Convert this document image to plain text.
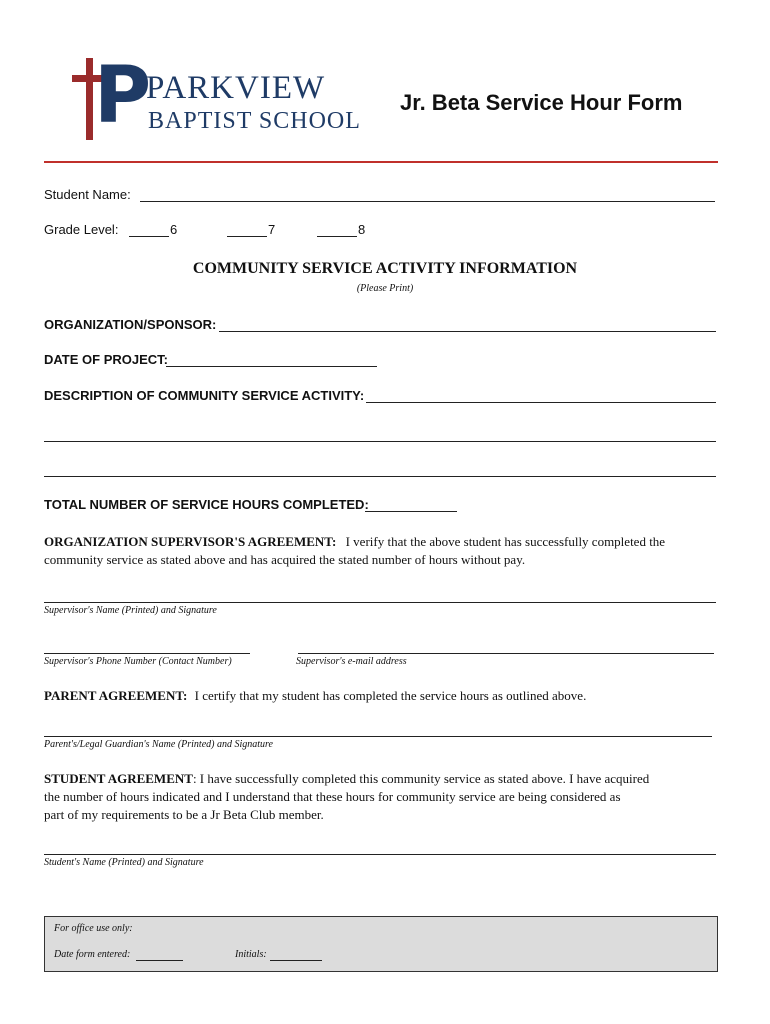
P
PARKVIEW
BAPTIST SCHOOL
Jr. Beta Service Hour Form
Student Name:
Grade Level:	6	7	8
COMMUNITY SERVICE ACTIVITY INFORMATION
(Please Print)
ORGANIZATION/SPONSOR:
DATE OF PROJECT:
DESCRIPTION OF COMMUNITY SERVICE ACTIVITY:
TOTAL NUMBER OF SERVICE HOURS COMPLETED:
ORGANIZATION SUPERVISOR'S AGREEMENT: I verify that the above student has successfully completed the
community service as stated above and has acquired the stated number of hours without pay.
Supervisor's Name (Printed) and Signature
Supervisor's Phone Number (Contact Number)	Supervisor's e-mail address
PARENT AGREEMENT: I certify that my student has completed the service hours as outlined above.
Parent's/Legal Guardian's Name (Printed) and Signature
STUDENT AGREEMENT: I have successfully completed this community service as stated above. I have acquired
the number of hours indicated and I understand that these hours for community service are being considered as
part of my requirements to be a Jr Beta Club member.
Student's Name (Printed) and Signature
For office use only:
Date form entered:	Initials:
